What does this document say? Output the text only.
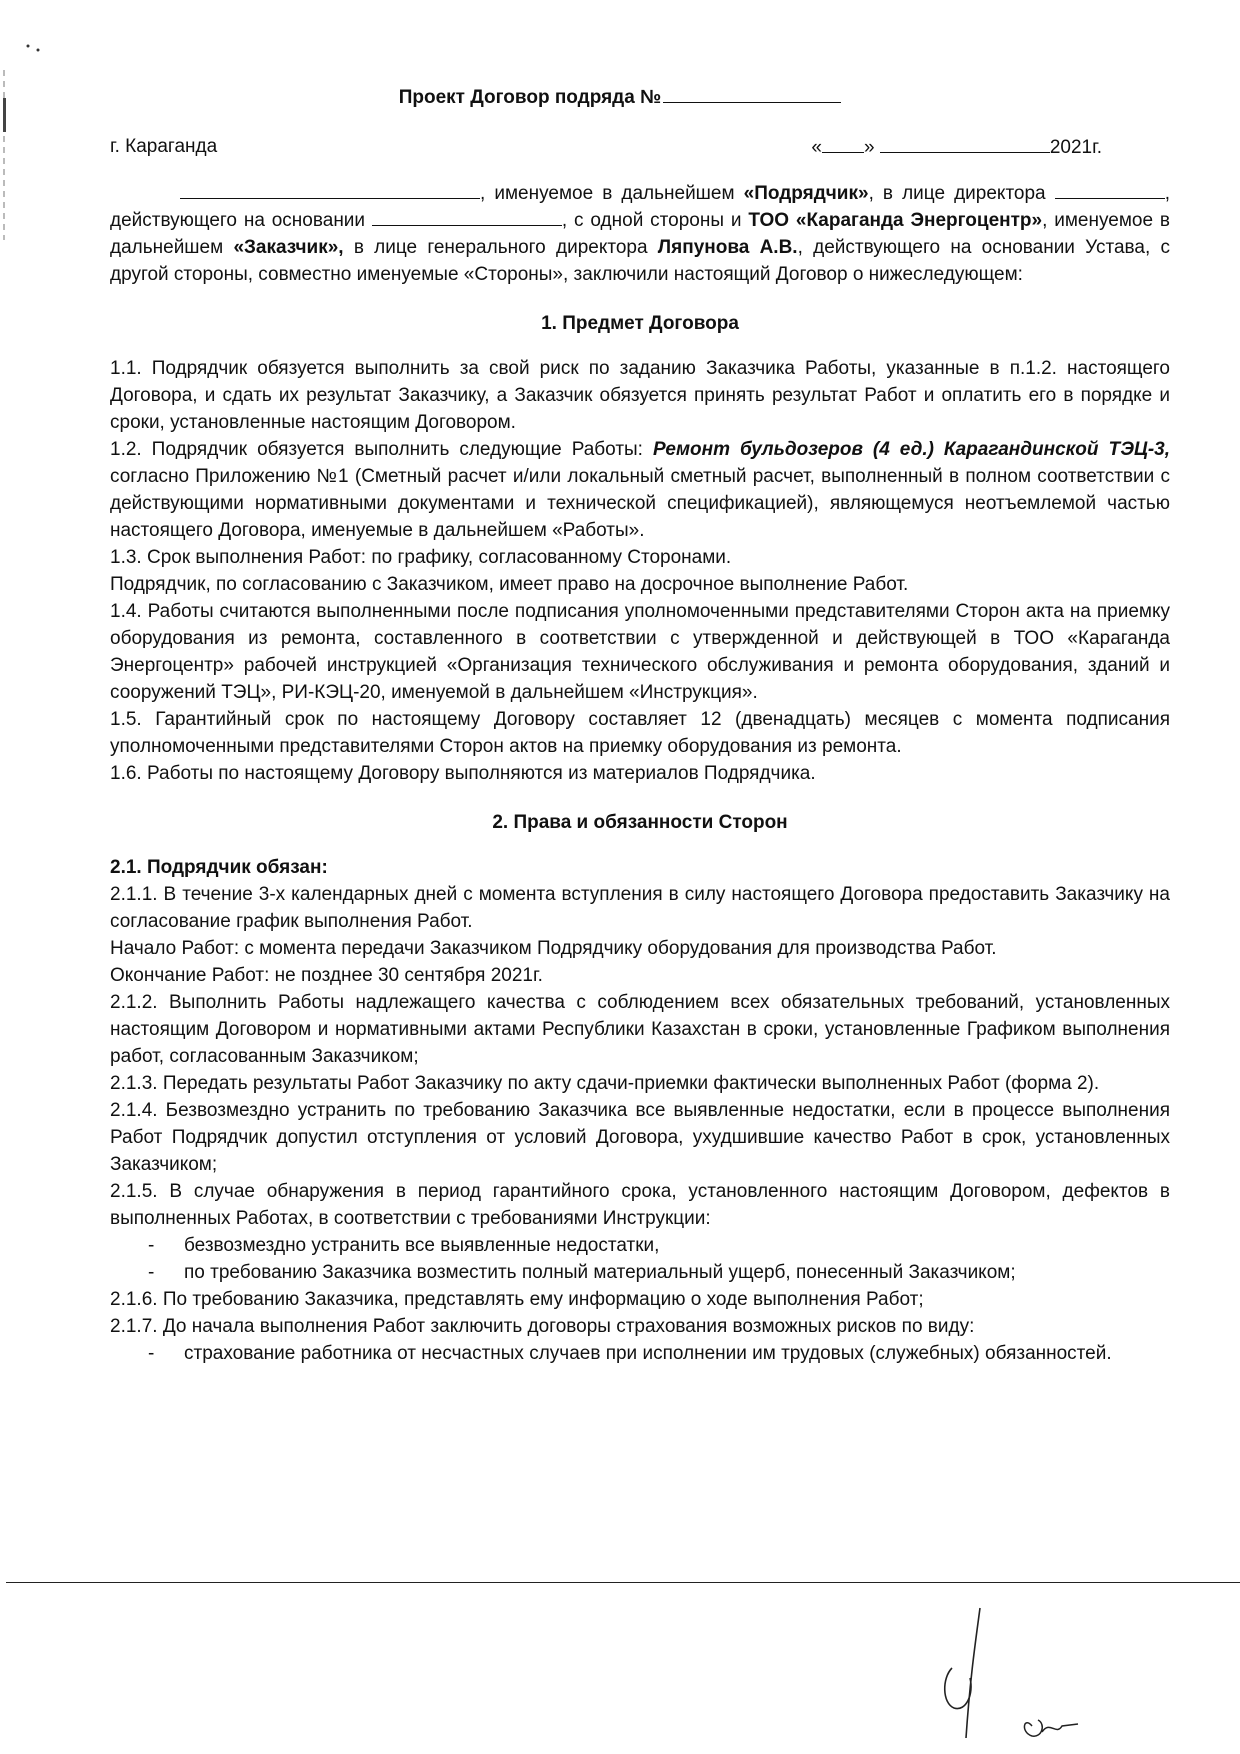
Проект Договор подряда №
г. Караганда	« »	2021г.

, именуемое в дальнейшем «Подрядчик», в лице директора	, действующего на основании	, с одной стороны и ТОО «Караганда Энергоцентр», именуемое в дальнейшем «Заказчик», в лице генерального директора Ляпунова А.В., действующего на основании Устава, с другой стороны, совместно именуемые «Стороны», заключили настоящий Договор о нижеследующем:

1. Предмет Договора

1.1. Подрядчик обязуется выполнить за свой риск по заданию Заказчика Работы, указанные в п.1.2. настоящего Договора, и сдать их результат Заказчику, а Заказчик обязуется принять результат Работ и оплатить его в порядке и сроки, установленные настоящим Договором.

1.2. Подрядчик обязуется выполнить следующие Работы: Ремонт бульдозеров (4 ед.) Карагандинской ТЭЦ-3, согласно Приложению №1 (Сметный расчет и/или локальный сметный расчет, выполненный в полном соответствии с действующими нормативными документами и технической спецификацией), являющемуся неотъемлемой частью настоящего Договора, именуемые в дальнейшем «Работы».

1.3. Срок выполнения Работ: по графику, согласованному Сторонами.

Подрядчик, по согласованию с Заказчиком, имеет право на досрочное выполнение Работ.

1.4. Работы считаются выполненными после подписания уполномоченными представителями Сторон акта на приемку оборудования из ремонта, составленного в соответствии с утвержденной и действующей в ТОО «Караганда Энергоцентр» рабочей инструкцией «Организация технического обслуживания и ремонта оборудования, зданий и сооружений ТЭЦ», РИ-КЭЦ-20, именуемой в дальнейшем «Инструкция».

1.5. Гарантийный срок по настоящему Договору составляет 12 (двенадцать) месяцев с момента подписания уполномоченными представителями Сторон актов на приемку оборудования из ремонта.

1.6. Работы по настоящему Договору выполняются из материалов Подрядчика.

2. Права и обязанности Сторон

2.1. Подрядчик обязан:

2.1.1. В течение 3-х календарных дней с момента вступления в силу настоящего Договора предоставить Заказчику на согласование график выполнения Работ.

Начало Работ: с момента передачи Заказчиком Подрядчику оборудования для производства Работ.

Окончание Работ: не позднее 30 сентября 2021г.

2.1.2. Выполнить Работы надлежащего качества с соблюдением всех обязательных требований, установленных настоящим Договором и нормативными актами Республики Казахстан в сроки, установленные Графиком выполнения работ, согласованным Заказчиком;

2.1.3. Передать результаты Работ Заказчику по акту сдачи-приемки фактически выполненных Работ (форма 2).

2.1.4. Безвозмездно устранить по требованию Заказчика все выявленные недостатки, если в процессе выполнения Работ Подрядчик допустил отступления от условий Договора, ухудшившие качество Работ в срок, установленных Заказчиком;

2.1.5. В случае обнаружения в период гарантийного срока, установленного настоящим Договором, дефектов в выполненных Работах, в соответствии с требованиями Инструкции:

- безвозмездно устранить все выявленные недостатки,

- по требованию Заказчика возместить полный материальный ущерб, понесенный Заказчиком;

2.1.6. По требованию Заказчика, представлять ему информацию о ходе выполнения Работ;

2.1.7. До начала выполнения Работ заключить договоры страхования возможных рисков по виду:

- страхование работника от несчастных случаев при исполнении им трудовых (служебных) обязанностей.
